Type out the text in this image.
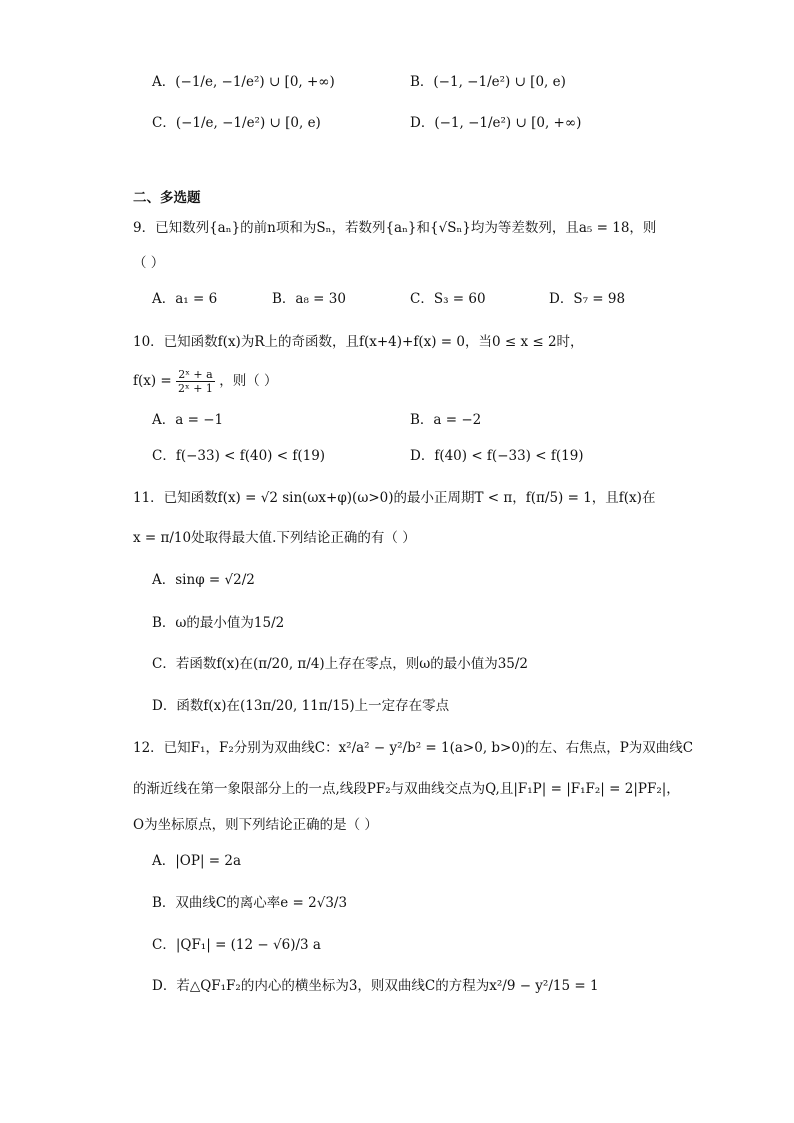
A．(−1/e, −1/e²) ∪ [0, +∞)	B．(−1, −1/e²) ∪ [0, e)
C．(−1/e, −1/e²) ∪ [0, e)	D．(−1, −1/e²) ∪ [0, +∞)
二、多选题
9．已知数列{aₙ}的前n项和为Sₙ，若数列{aₙ}和{√Sₙ}均为等差数列，且a₅ = 18，则
（ ）
A．a₁ = 6	B．a₈ = 30	C．S₃ = 60	D．S₇ = 98
10．已知函数f(x)为R上的奇函数，且f(x+4)+f(x) = 0，当0 ≤ x ≤ 2时，
$f(x) = \frac{\text{2ˣ + a}}{\text{2ˣ + 1}}$ ，则（ ）
A．a = −1	B．a = −2
C．f(−33) < f(40) < f(19)	D．f(40) < f(−33) < f(19)
11．已知函数f(x) = √2 sin(ωx+φ)(ω>0)的最小正周期T < π，f(π/5) = 1，且f(x)在
x = π/10处取得最大值.下列结论正确的有（ ）
A．sinφ = √2/2
B．ω的最小值为15/2
C．若函数f(x)在(π/20, π/4)上存在零点，则ω的最小值为35/2
D．函数f(x)在(13π/20, 11π/15)上一定存在零点
12．已知F₁，F₂分别为双曲线C：x²/a² − y²/b² = 1(a>0, b>0)的左、右焦点，P为双曲线C
的渐近线在第一象限部分上的一点,线段PF₂与双曲线交点为Q,且|F₁P| = |F₁F₂| = 2|PF₂|，
O为坐标原点，则下列结论正确的是（ ）
A．|OP| = 2a
B．双曲线C的离心率e = 2√3/3
C．|QF₁| = (12 − √6)/3 a
D．若△QF₁F₂的内心的横坐标为3，则双曲线C的方程为x²/9 − y²/15 = 1
